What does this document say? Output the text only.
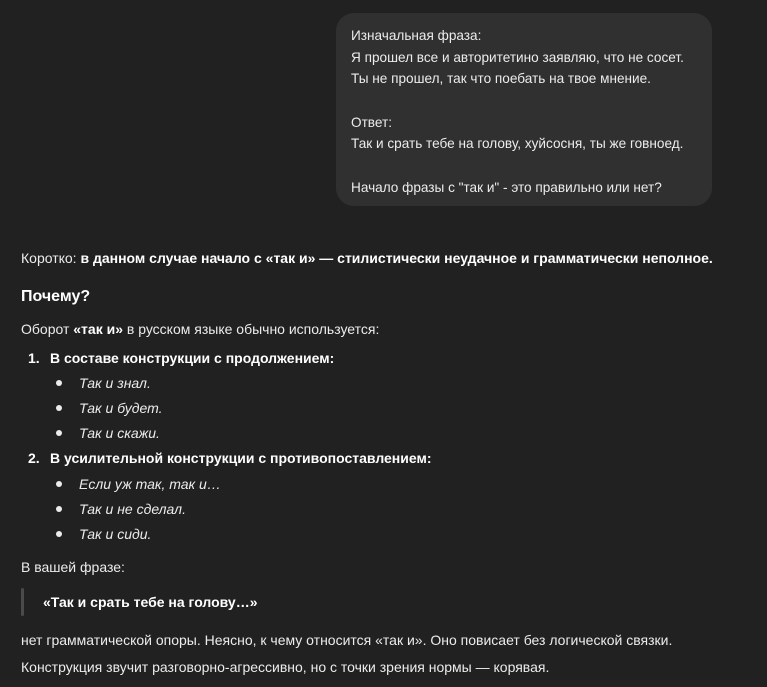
Изначальная фраза:
Я прошел все и авторитетино заявляю, что не сосет.
Ты не прошел, так что поебать на твое мнение.
Ответ:
Так и срать тебе на голову, хуйсосня, ты же говноед.
Начало фразы с "так и" - это правильно или нет?
Коротко: в данном случае начало с «так и» — стилистически неудачное и грамматически неполное.
Почему?
Оборот «так и» в русском языке обычно используется:
1. В составе конструкции с продолжением:
Так и знал.
Так и будет.
Так и скажи.
2. В усилительной конструкции с противопоставлением:
Если уж так, так и…
Так и не сделал.
Так и сиди.
В вашей фразе:
«Так и срать тебе на голову…»
нет грамматической опоры. Неясно, к чему относится «так и». Оно повисает без логической связки.
Конструкция звучит разговорно-агрессивно, но с точки зрения нормы — корявая.
